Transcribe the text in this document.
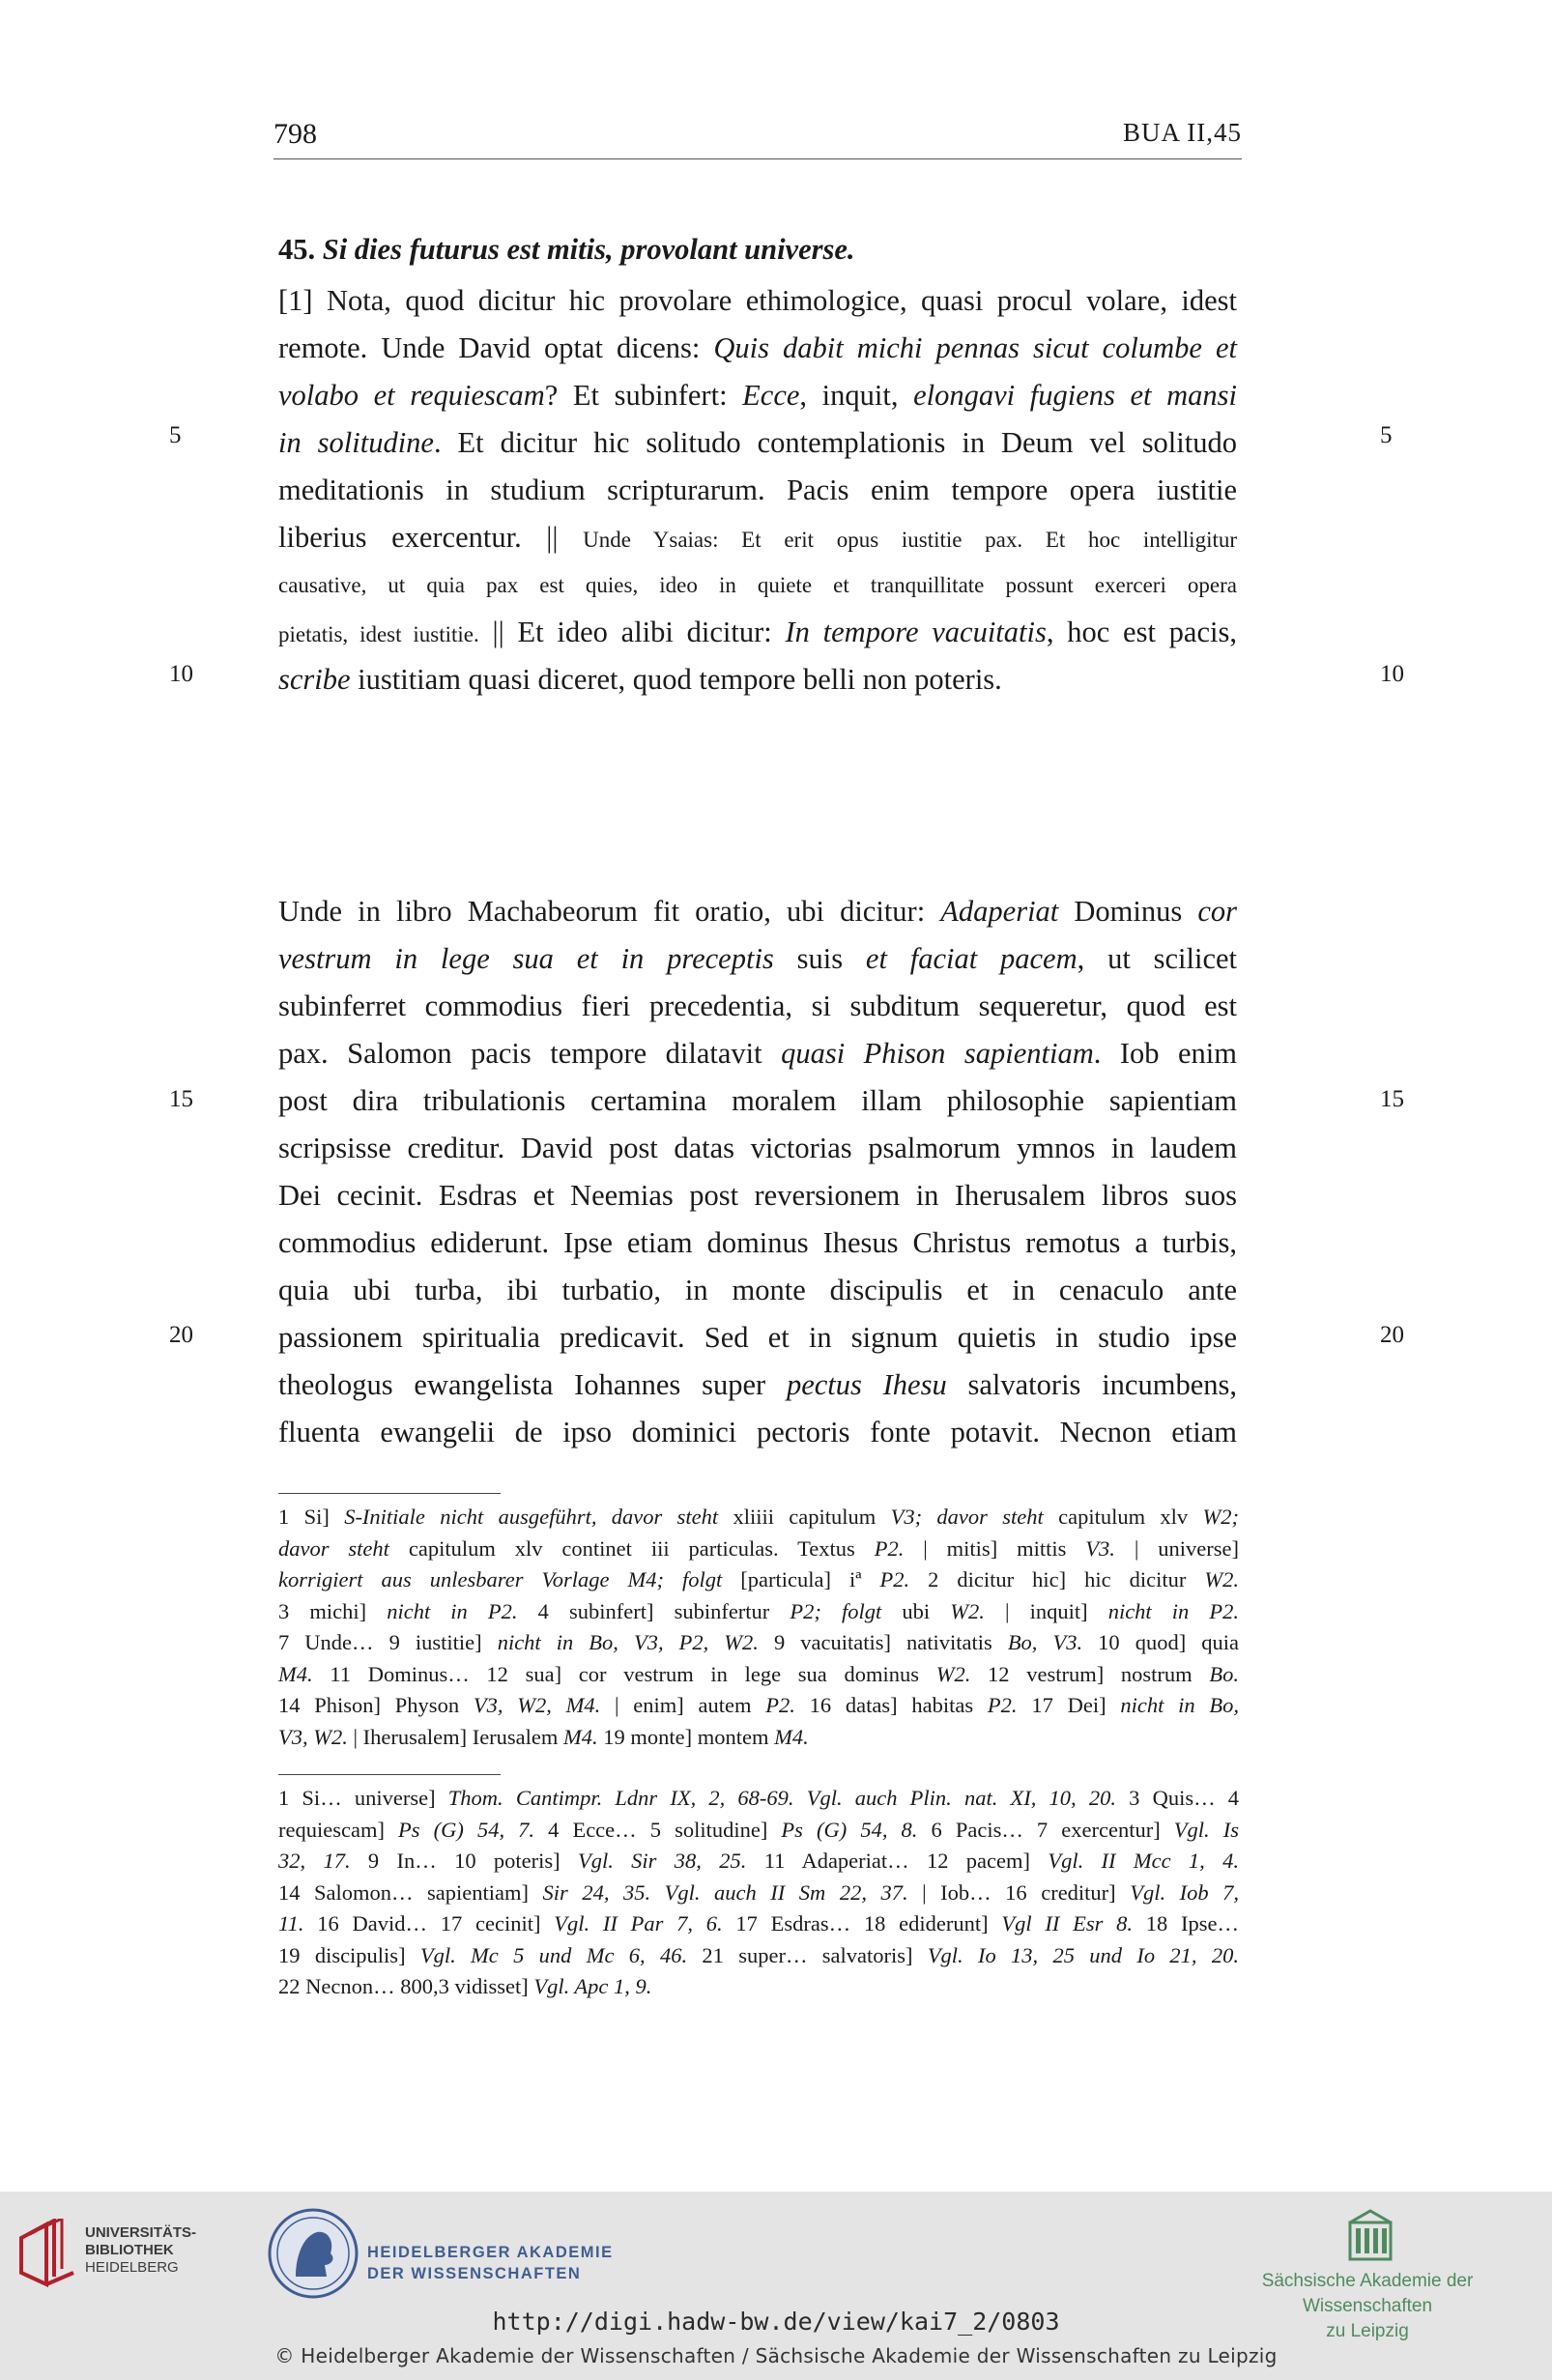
798	BUA II,45
5	5
10	10
15	15
20	20
45. Si dies futurus est mitis, provolant universe.
[1] Nota, quod dicitur hic provolare ethimologice, quasi procul volare, idest
remote. Unde David optat dicens: Quis dabit michi pennas sicut columbe et
volabo et requiescam? Et subinfert: Ecce, inquit, elongavi fugiens et mansi
in solitudine. Et dicitur hic solitudo contemplationis in Deum vel solitudo
meditationis in studium scripturarum. Pacis enim tempore opera iustitie
liberius exercentur. || Unde Ysaias: Et erit opus iustitie pax. Et hoc intelligitur
causative, ut quia pax est quies, ideo in quiete et tranquillitate possunt exerceri opera
pietatis, idest iustitie. || Et ideo alibi dicitur: In tempore vacuitatis, hoc est pacis,
scribe iustitiam quasi diceret, quod tempore belli non poteris.
Unde in libro Machabeorum fit oratio, ubi dicitur: Adaperiat Dominus cor
vestrum in lege sua et in preceptis suis et faciat pacem, ut scilicet
subinferret commodius fieri precedentia, si subditum sequeretur, quod est
pax. Salomon pacis tempore dilatavit quasi Phison sapientiam. Iob enim
post dira tribulationis certamina moralem illam philosophie sapientiam
scripsisse creditur. David post datas victorias psalmorum ymnos in laudem
Dei cecinit. Esdras et Neemias post reversionem in Iherusalem libros suos
commodius ediderunt. Ipse etiam dominus Ihesus Christus remotus a turbis,
quia ubi turba, ibi turbatio, in monte discipulis et in cenaculo ante
passionem spiritualia predicavit. Sed et in signum quietis in studio ipse
theologus ewangelista Iohannes super pectus Ihesu salvatoris incumbens,
fluenta ewangelii de ipso dominici pectoris fonte potavit. Necnon etiam
1 Si] S-Initiale nicht ausgeführt, davor steht xliiii capitulum V3; davor steht capitulum xlv W2;
davor steht capitulum xlv continet iii particulas. Textus P2. | mitis] mittis V3. | universe]
korrigiert aus unlesbarer Vorlage M4; folgt [particula] iª P2. 2 dicitur hic] hic dicitur W2.
3 michi] nicht in P2. 4 subinfert] subinfertur P2; folgt ubi W2. | inquit] nicht in P2.
7 Unde… 9 iustitie] nicht in Bo, V3, P2, W2. 9 vacuitatis] nativitatis Bo, V3. 10 quod] quia
M4. 11 Dominus… 12 sua] cor vestrum in lege sua dominus W2. 12 vestrum] nostrum Bo.
14 Phison] Physon V3, W2, M4. | enim] autem P2. 16 datas] habitas P2. 17 Dei] nicht in Bo,
V3, W2. | Iherusalem] Ierusalem M4. 19 monte] montem M4.
1 Si… universe] Thom. Cantimpr. Ldnr IX, 2, 68-69. Vgl. auch Plin. nat. XI, 10, 20. 3 Quis… 4
requiescam] Ps (G) 54, 7. 4 Ecce… 5 solitudine] Ps (G) 54, 8. 6 Pacis… 7 exercentur] Vgl. Is
32, 17. 9 In… 10 poteris] Vgl. Sir 38, 25. 11 Adaperiat… 12 pacem] Vgl. II Mcc 1, 4.
14 Salomon… sapientiam] Sir 24, 35. Vgl. auch II Sm 22, 37. | Iob… 16 creditur] Vgl. Iob 7,
11. 16 David… 17 cecinit] Vgl. II Par 7, 6. 17 Esdras… 18 ediderunt] Vgl II Esr 8. 18 Ipse…
19 discipulis] Vgl. Mc 5 und Mc 6, 46. 21 super… salvatoris] Vgl. Io 13, 25 und Io 21, 20.
22 Necnon… 800,3 vidisset] Vgl. Apc 1, 9.
UNIVERSITÄTS-
BIBLIOTHEK
HEIDELBERG
HEIDELBERGER AKADEMIE
DER WISSENSCHAFTEN	Sächsische Akademie der Wissenschaften
zu Leipzig
http://digi.hadw-bw.de/view/kai7_2/0803
© Heidelberger Akademie der Wissenschaften / Sächsische Akademie der Wissenschaften zu Leipzig
